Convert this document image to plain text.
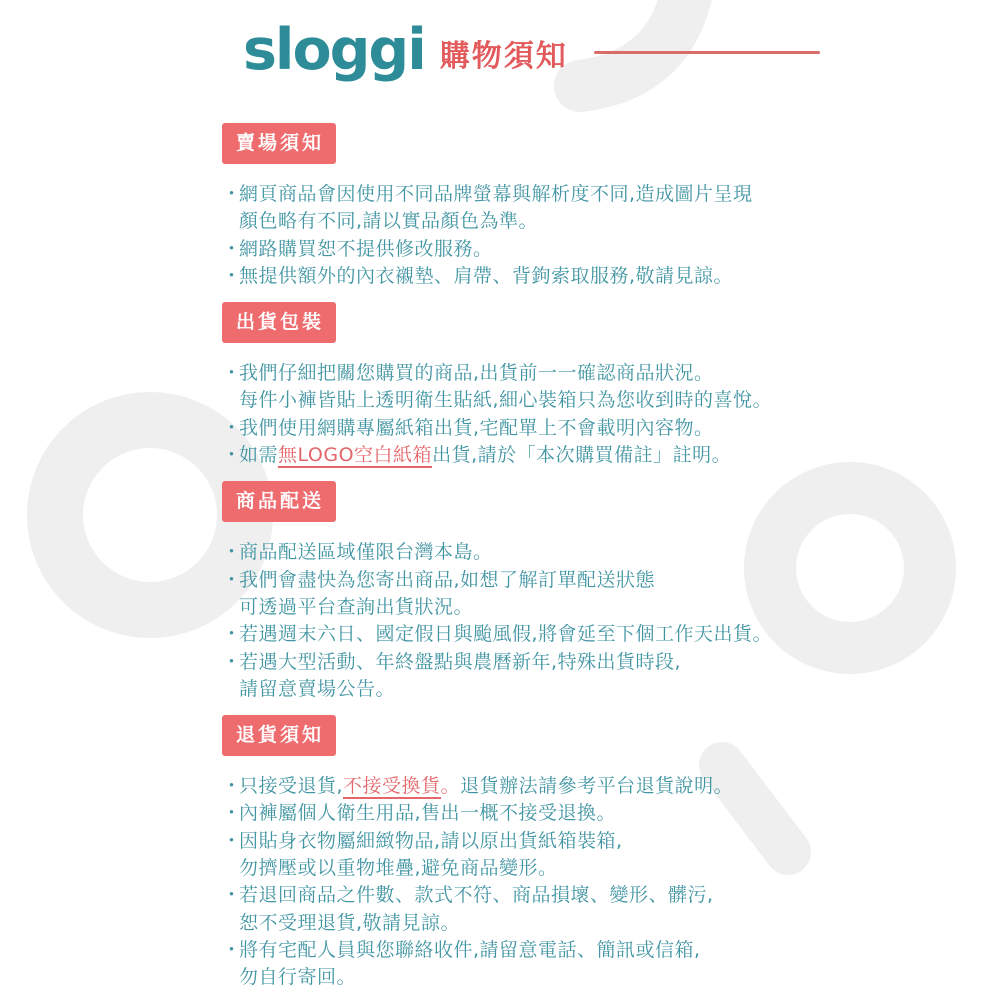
sloggi 購物須知
賣場須知
・
網頁商品會因使用不同品牌螢幕與解析度不同,造成圖片呈現
顏色略有不同,請以實品顏色為準。
・
網路購買恕不提供修改服務。
・
無提供額外的內衣襯墊、肩帶、背鉤索取服務,敬請見諒。
出貨包裝
・
我們仔細把關您購買的商品,出貨前一一確認商品狀況。
每件小褲皆貼上透明衛生貼紙,細心裝箱只為您收到時的喜悅。
・
我們使用網購專屬紙箱出貨,宅配單上不會載明內容物。
・
如需無LOGO空白紙箱出貨,請於「本次購買備註」註明。
商品配送
・
商品配送區域僅限台灣本島。
・
我們會盡快為您寄出商品,如想了解訂單配送狀態
可透過平台查詢出貨狀況。
・
若遇週末六日、國定假日與颱風假,將會延至下個工作天出貨。
・
若遇大型活動、年終盤點與農曆新年,特殊出貨時段,
請留意賣場公告。
退貨須知
・
只接受退貨,不接受換貨。退貨辦法請參考平台退貨說明。
・
內褲屬個人衛生用品,售出一概不接受退換。
・
因貼身衣物屬細緻物品,請以原出貨紙箱裝箱,
勿擠壓或以重物堆疊,避免商品變形。
・
若退回商品之件數、款式不符、商品損壞、變形、髒污,
恕不受理退貨,敬請見諒。
・
將有宅配人員與您聯絡收件,請留意電話、簡訊或信箱,
勿自行寄回。
